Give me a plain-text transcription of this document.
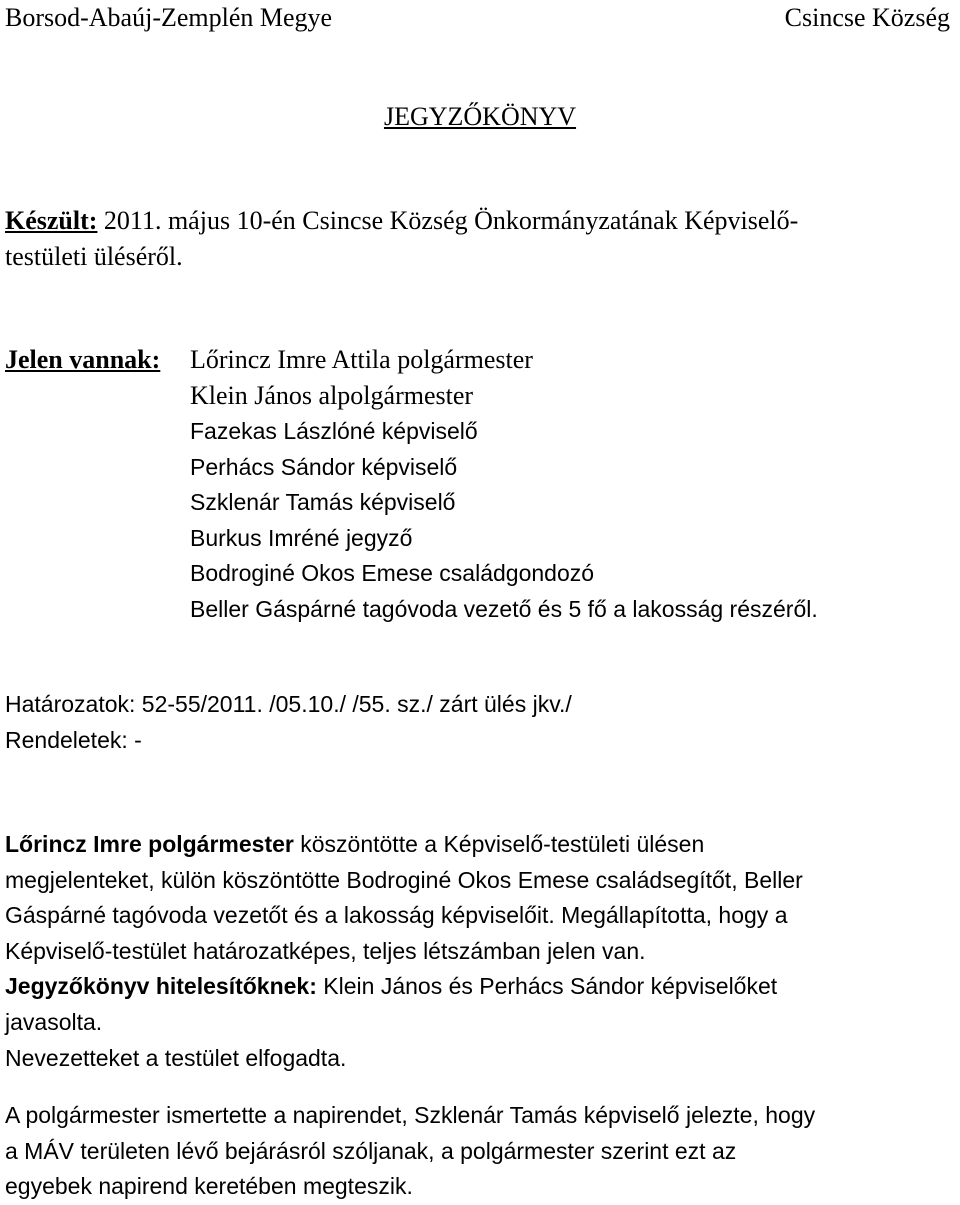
Borsod-Abaúj-Zemplén Megye	Csincse Község
JEGYZŐKÖNYV
Készült: 2011. május 10-én Csincse Község Önkormányzatának Képviselő-
testületi üléséről.
Jelen vannak: Lőrincz Imre Attila polgármester
Klein János alpolgármester
Fazekas Lászlóné képviselő
Perhács Sándor képviselő
Szklenár Tamás képviselő
Burkus Imréné jegyző
Bodroginé Okos Emese családgondozó
Beller Gáspárné tagóvoda vezető és 5 fő a lakosság részéről.
Határozatok: 52-55/2011. /05.10./ /55. sz./ zárt ülés jkv./
Rendeletek: -
Lőrincz Imre polgármester köszöntötte a Képviselő-testületi ülésen
megjelenteket, külön köszöntötte Bodroginé Okos Emese családsegítőt, Beller
Gáspárné tagóvoda vezetőt és a lakosság képviselőit. Megállapította, hogy a
Képviselő-testület határozatképes, teljes létszámban jelen van.
Jegyzőkönyv hitelesítőknek: Klein János és Perhács Sándor képviselőket
javasolta.
Nevezetteket a testület elfogadta.
A polgármester ismertette a napirendet, Szklenár Tamás képviselő jelezte, hogy
a MÁV területen lévő bejárásról szóljanak, a polgármester szerint ezt az
egyebek napirend keretében megteszik.
